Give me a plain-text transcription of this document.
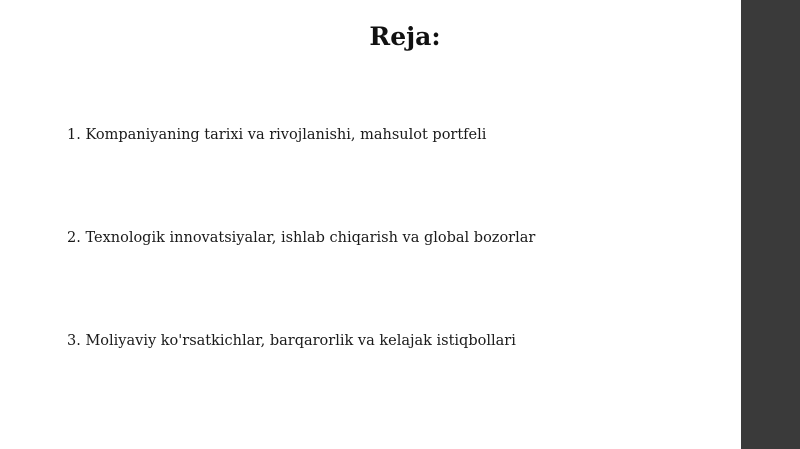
Reja:
1. Kompaniyaning tarixi va rivojlanishi, mahsulot portfeli
2. Texnologik innovatsiyalar, ishlab chiqarish va global bozorlar
3. Moliyaviy ko'rsatkichlar, barqarorlik va kelajak istiqbollari
